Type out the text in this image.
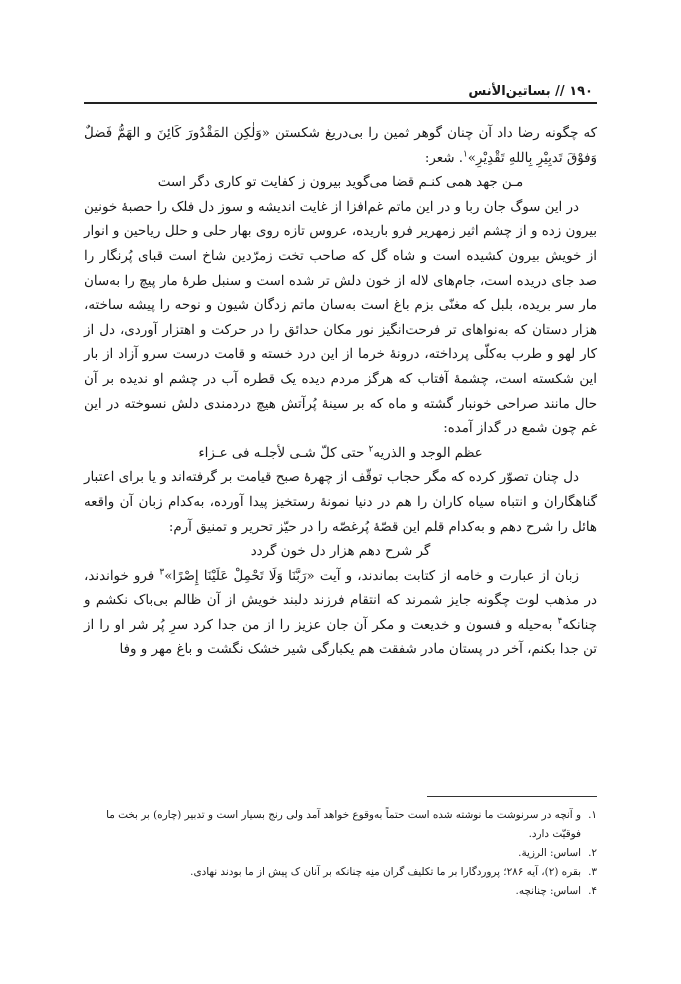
۱۹۰ // بساتین‌الأنس

که چگونه رضا داد آن چنان گوهر ثمین را بی‌دریغ شکستن «وَلٰکِن المَقْدُورَ کَائِنَ و الهَمُّ فَضلٌ وَفوْقَ تَدبِیْرِ بِاللهِ تَقْدِیْرِ»$^۱$. شعر:

مـن جهد همی کنـم قضا می‌گوید بیرون ز کفایت تو کاری دگر است

در این سوگ جان ربا و در این ماتم غم‌افزا از غایت اندیشه و سوز دل فلک را حصبهٔ خونین بیرون زده و از چشم اثیر زمهریر فرو باریده، عروس تازه روی بهار حلی و حلل ریاحین و انوار از خویش بیرون کشیده است و شاه گل که صاحب تخت زمرّدین شاخ است قبای پُرنگار را صد جای دریده است، جام‌های لاله از خون دلش تر شده است و سنبل طرهٔ مار پیچ را به‌سان مار سر بریده، بلبل که مغنّی بزم باغ است به‌سان ماتم زدگان شیون و نوحه را پیشه ساخته، هزار دستان که به‌نواهای تر فرحت‌انگیز نور مکان حدائق را در حرکت و اهتزار آوردی، دل از کار لهو و طرب به‌کلّی پرداخته، درونهٔ خرما از این درد خسته و قامت درست سرو آزاد از بار این شکسته است، چشمهٔ آفتاب که هرگز مردم دیده یک قطره آب در چشم او ندیده بر آن حال مانند صراحی خونبار گشته و ماه که بر سینهٔ پُرآتش هیچ دردمندی دلش نسوخته در این غم چون شمع در گداز آمده:

عظم الوجد و الذریه$^۲$ حتی کلّ شـی لأجلـه فی عـزاء

دل چنان تصوّر کرده که مگر حجاب توقّف از چهرهٔ صبح قیامت بر گرفته‌اند و یا برای اعتبار گناهگاران و انتباه سیاه کاران را هم در دنیا نمونهٔ رستخیز پیدا آورده، به‌کدام زبان آن واقعه هائل را شرح دهم و به‌کدام قلم این قصّهٔ پُرغصّه را در حیّز تحریر و تمنیق آرم:

گر شرح دهم هزار دل خون گردد

زبان از عبارت و خامه از کتابت بماندند، و آیت «رَبَّنَا وَلَا تَحْمِلْ عَلَیْنَا إِصْرًا»$^۳$ فرو خواندند، در مذهب لوت چگونه جایز شمرند که انتقام فرزند دلبند خویش از آن ظالم بی‌باک نکشم و چنانکه$^۴$ به‌حیله و فسون و خدیعت و مکر آن جان عزیز را از من جدا کرد سرِ پُر شر او را از تن جدا بکنم، آخر در پستان مادر شفقت هم یکبارگی شیر خشک نگشت و باغ مهر و وفا

۱.
و آنچه در سرنوشت ما نوشته شده است حتماً به‌وقوع خواهد آمد ولی رنج بسیار است و تدبیر (چاره) بر بخت ما فوقیّت دارد.

۲.
اساس: الرزیة.

۳.
بقره (۲)، آیه ۲۸۶؛ پروردگارا بر ما تکلیف گران منِه چنانکه بر آنان ک پیش از ما بودند نهادی.

۴.
اساس: چنانچه.
